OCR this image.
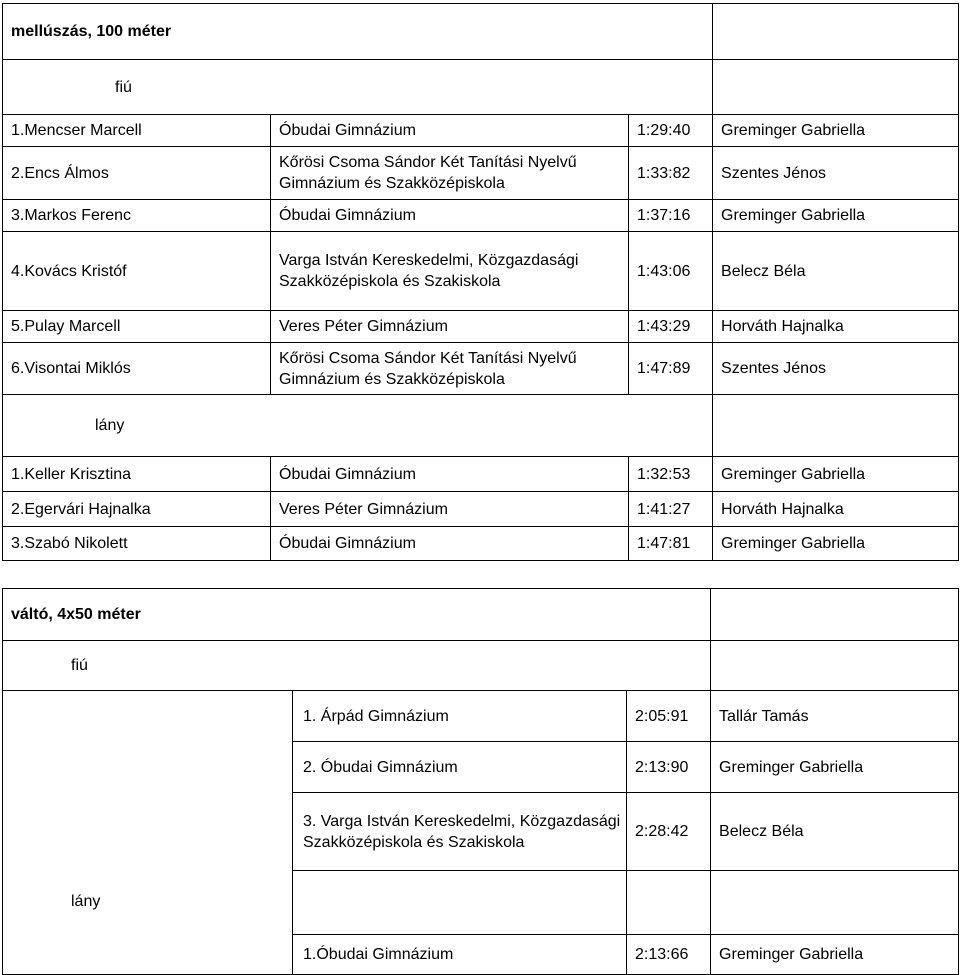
mellúszás, 100 méter			
fiú			
1.Mencser Marcell	Óbudai Gimnázium	1:29:40	Greminger Gabriella
2.Encs Álmos	Kőrösi Csoma Sándor Két Tanítási Nyelvű Gimnázium és Szakközépiskola	1:33:82	Szentes Jénos
3.Markos Ferenc	Óbudai Gimnázium	1:37:16	Greminger Gabriella
4.Kovács Kristóf	Varga István Kereskedelmi, Közgazdasági Szakközépiskola és Szakiskola	1:43:06	Belecz Béla
5.Pulay Marcell	Veres Péter Gimnázium	1:43:29	Horváth Hajnalka
6.Visontai Miklós	Kőrösi Csoma Sándor Két Tanítási Nyelvű Gimnázium és Szakközépiskola	1:47:89	Szentes Jénos
lány			
1.Keller Krisztina	Óbudai Gimnázium	1:32:53	Greminger Gabriella
2.Egervári Hajnalka	Veres Péter Gimnázium	1:41:27	Horváth Hajnalka
3.Szabó Nikolett	Óbudai Gimnázium	1:47:81	Greminger Gabriella
váltó, 4x50 méter			
fiú			
lány	1. Árpád Gimnázium	2:05:91	Tallár Tamás
	2. Óbudai Gimnázium	2:13:90	Greminger Gabriella
	3. Varga István Kereskedelmi, Közgazdasági Szakközépiskola és Szakiskola	2:28:42	Belecz Béla

	1.Óbudai Gimnázium	2:13:66	Greminger Gabriella
